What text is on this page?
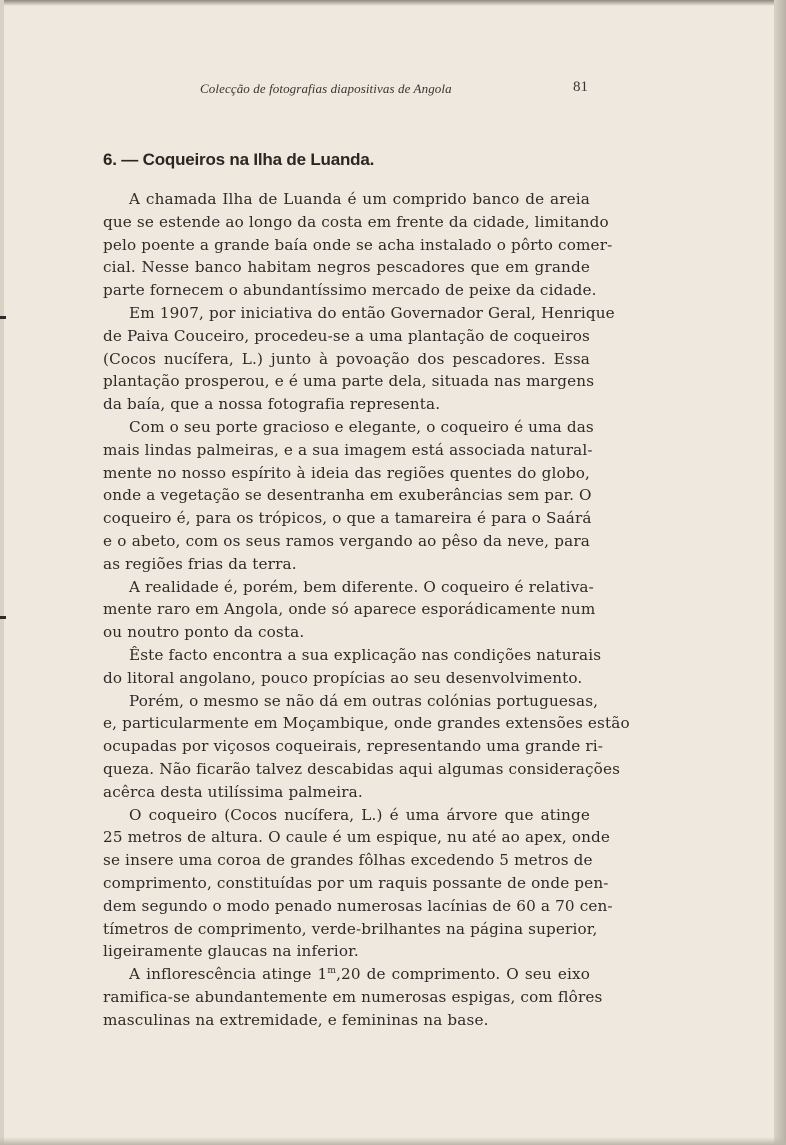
Colecção de fotografias diapositivas de Angola	81
6. — Coqueiros na Ilha de Luanda.
A chamada Ilha de Luanda é um comprido banco de areia
que se estende ao longo da costa em frente da cidade, limitando
pelo poente a grande baía onde se acha instalado o pôrto comer-
cial. Nesse banco habitam negros pescadores que em grande
parte fornecem o abundantíssimo mercado de peixe da cidade.
Em 1907, por iniciativa do então Governador Geral, Henrique
de Paiva Couceiro, procedeu-se a uma plantação de coqueiros
(Cocos nucífera, L.) junto à povoação dos pescadores. Essa
plantação prosperou, e é uma parte dela, situada nas margens
da baía, que a nossa fotografia representa.
Com o seu porte gracioso e elegante, o coqueiro é uma das
mais lindas palmeiras, e a sua imagem está associada natural-
mente no nosso espírito à ideia das regiões quentes do globo,
onde a vegetação se desentranha em exuberâncias sem par. O
coqueiro é, para os trópicos, o que a tamareira é para o Saárá
e o abeto, com os seus ramos vergando ao pêso da neve, para
as regiões frias da terra.
A realidade é, porém, bem diferente. O coqueiro é relativa-
mente raro em Angola, onde só aparece esporádicamente num
ou noutro ponto da costa.
Êste facto encontra a sua explicação nas condições naturais
do litoral angolano, pouco propícias ao seu desenvolvimento.
Porém, o mesmo se não dá em outras colónias portuguesas,
e, particularmente em Moçambique, onde grandes extensões estão
ocupadas por viçosos coqueirais, representando uma grande ri-
queza. Não ficarão talvez descabidas aqui algumas considerações
acêrca desta utilíssima palmeira.
O coqueiro (Cocos nucífera, L.) é uma árvore que atinge
25 metros de altura. O caule é um espique, nu até ao apex, onde
se insere uma coroa de grandes fôlhas excedendo 5 metros de
comprimento, constituídas por um raquis possante de onde pen-
dem segundo o modo penado numerosas lacínias de 60 a 70 cen-
tímetros de comprimento, verde-brilhantes na página superior,
ligeiramente glaucas na inferior.
A inflorescência atinge 1$^m$,20 de comprimento. O seu eixo
ramifica-se abundantemente em numerosas espigas, com flôres
masculinas na extremidade, e femininas na base.
